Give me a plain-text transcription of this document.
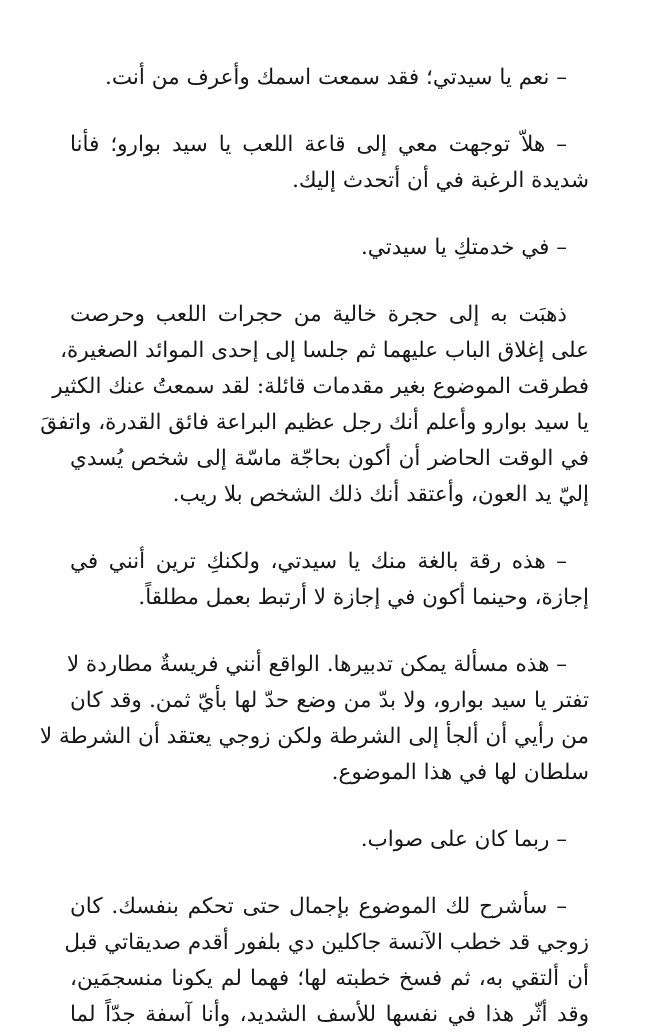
– نعم يا سيدتي؛ فقد سمعت اسمك وأعرف من أنت.

– هلاّ توجهت معي إلى قاعة اللعب يا سيد بوارو؛ فأنا
شديدة الرغبة في أن أتحدث إليك.

– في خدمتكِ يا سيدتي.

ذهبَت به إلى حجرة خالية من حجرات اللعب وحرصت
على إغلاق الباب عليهما ثم جلسا إلى إحدى الموائد الصغيرة،
فطرقت الموضوع بغير مقدمات قائلة: لقد سمعتُ عنك الكثير
يا سيد بوارو وأعلم أنك رجل عظيم البراعة فائق القدرة، واتفقَ
في الوقت الحاضر أن أكون بحاجّة ماسّة إلى شخص يُسدي
إليّ يد العون، وأعتقد أنك ذلك الشخص بلا ريب.

– هذه رقة بالغة منك يا سيدتي، ولكنكِ ترين أنني في
إجازة، وحينما أكون في إجازة لا أرتبط بعمل مطلقاً.

– هذه مسألة يمكن تدبيرها. الواقع أنني فريسةٌ مطاردة لا
تفتر يا سيد بوارو، ولا بدّ من وضع حدّ لها بأيّ ثمن. وقد كان
من رأيي أن ألجأ إلى الشرطة ولكن زوجي يعتقد أن الشرطة لا
سلطان لها في هذا الموضوع.

– ربما كان على صواب.

– سأشرح لك الموضوع بإجمال حتى تحكم بنفسك. كان
زوجي قد خطب الآنسة جاكلين دي بلفور أقدم صديقاتي قبل
أن ألتقي به، ثم فسخ خطبته لها؛ فهما لم يكونا منسجمَين،
وقد أثّر هذا في نفسها للأسف الشديد، وأنا آسفة جدّاً لما
